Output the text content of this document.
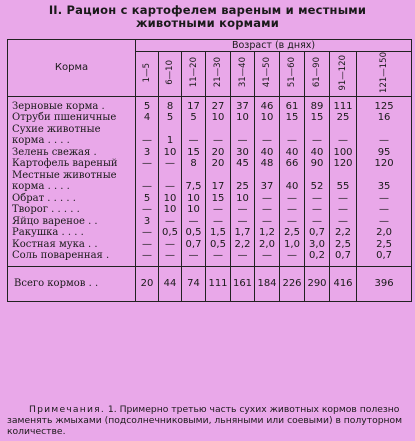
II. Рацион с картофелем вареным и местными
животными кормами
Корма	Возраст (в днях)									
	1—5	6—10	11—20	21—30	31—40	41—50	51—60	61—90	91—120	121—150
Зерновые корма .	5	8	17	27	37	46	61	89	111	125
Отруби пшеничные	4	5	5	10	10	10	15	15	25	16
Сухие животные										
корма . . . .	—	1	—	—	—	—	—	—	—	—
Зелень свежая .	3	10	15	20	30	40	40	40	100	95
Картофель вареный	—	—	8	20	45	48	66	90	120	120
Местные животные										
корма . . . .	—	—	7,5	17	25	37	40	52	55	35
Обрат . . . . .	5	10	10	15	10	—	—	—	—	—
Творог . . . . .	—	10	10	—	—	—	—	—	—	—
Яйцо вареное . .	3	—	—	—	—	—	—	—	—	—
Ракушка . . . .	—	0,5	0,5	1,5	1,7	1,2	2,5	0,7	2,2	2,0
Костная мука . .	—	—	0,7	0,5	2,2	2,0	1,0	3,0	2,5	2,5
Соль поваренная .	—	—	—	—	—	—	—	0,2	0,7	0,7
Всего кормов . .	20	44	74	111	161	184	226	290	416	396
Примечания. 1. Примерно третью часть сухих животных кормов полезно заменять жмыхами (подсолнечниковыми, льняными или соевыми) в полуторном количестве.
